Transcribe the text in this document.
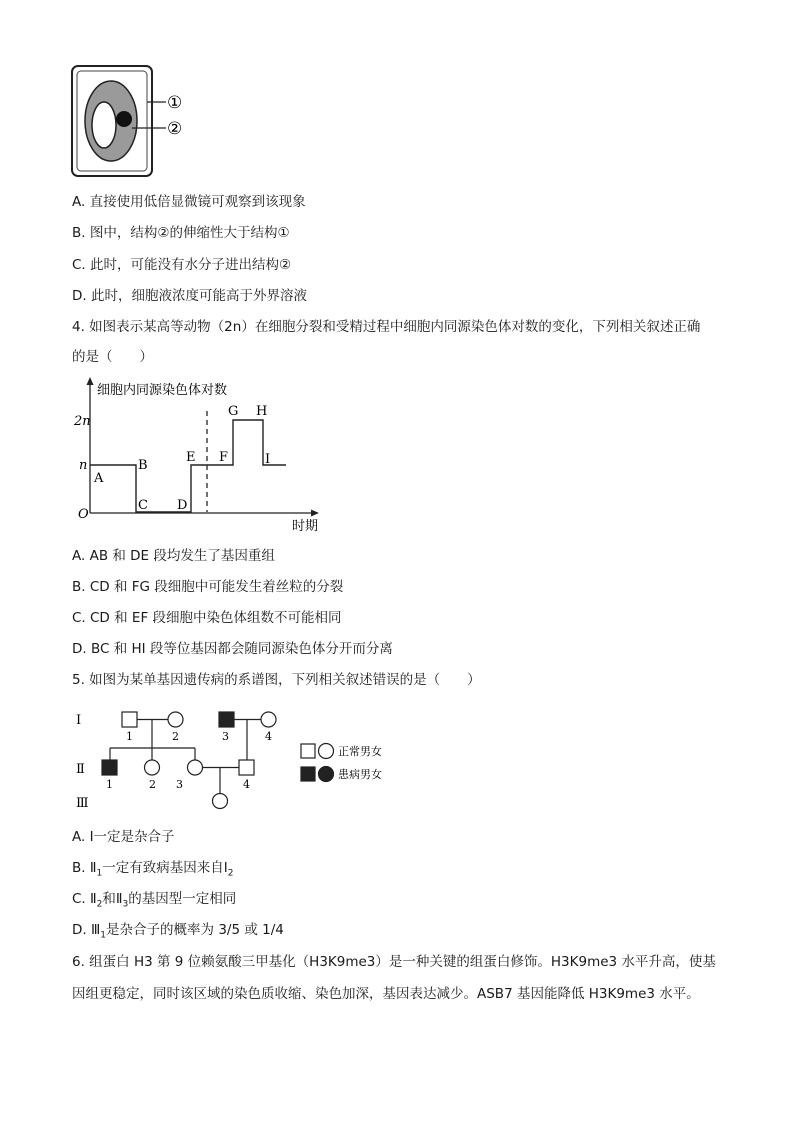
①
②
A. 直接使用低倍显微镜可观察到该现象
B. 图中，结构②的伸缩性大于结构①
C. 此时，可能没有水分子进出结构②
D. 此时，细胞液浓度可能高于外界溶液
4. 如图表示某高等动物（2n）在细胞分裂和受精过程中细胞内同源染色体对数的变化，下列相关叙述正确
的是（　　）
细胞内同源染色体对数
时期
O
2n
n
A
B
C D
E F
G H
I
A. AB 和 DE 段均发生了基因重组
B. CD 和 FG 段细胞中可能发生着丝粒的分裂
C. CD 和 EF 段细胞中染色体组数不可能相同
D. BC 和 HI 段等位基因都会随同源染色体分开而分离
5. 如图为某单基因遗传病的系谱图，下列相关叙述错误的是（　　）
Ⅰ
Ⅱ
Ⅲ
1	2	3	4
1	2 3	4
正常男女
患病男女
A. Ⅰ一定是杂合子
B. $Ⅱ_1$一定有致病基因来自$Ⅰ_2$
C. $Ⅱ_2$和$Ⅱ_3$的基因型一定相同
D. $Ⅲ_1$是杂合子的概率为 3/5 或 1/4
6. 组蛋白 H3 第 9 位赖氨酸三甲基化（H3K9me3）是一种关键的组蛋白修饰。H3K9me3 水平升高，使基
因组更稳定，同时该区域的染色质收缩、染色加深，基因表达减少。ASB7 基因能降低 H3K9me3 水平。
